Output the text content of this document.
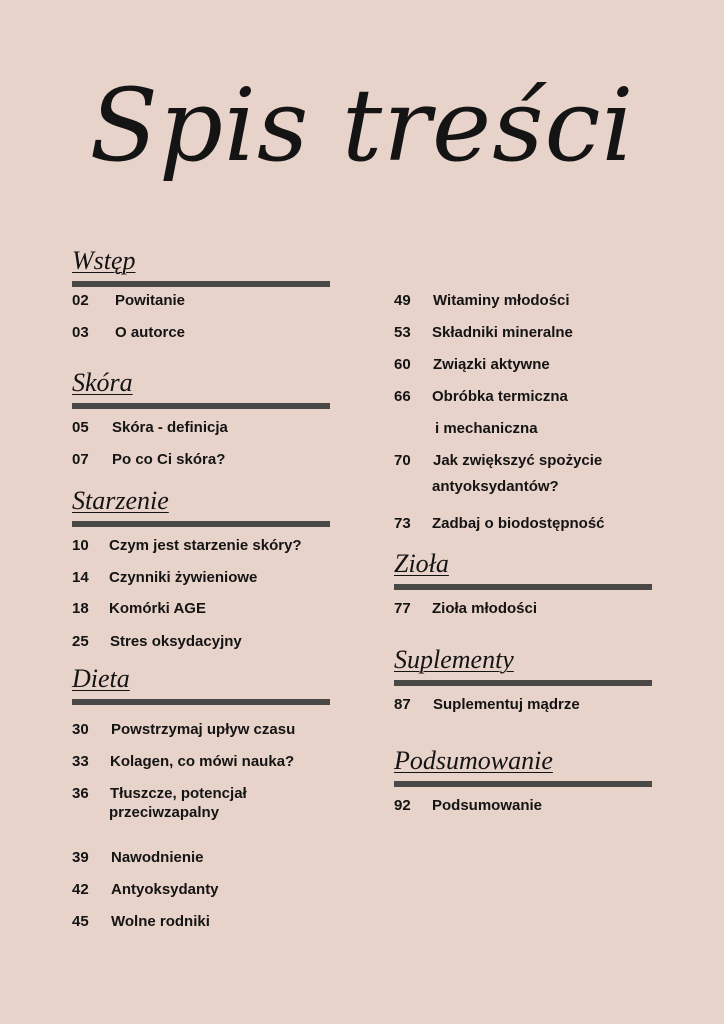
Spis treści
Wstęp
02 Powitanie
03 O autorce
Skóra
05 Skóra - definicja
07 Po co Ci skóra?
Starzenie
10 Czym jest starzenie skóry?
14 Czynniki żywieniowe
18 Komórki AGE
25 Stres oksydacyjny
Dieta
30 Powstrzymaj upływ czasu
33 Kolagen, co mówi nauka?
36 Tłuszcze, potencjał
przeciwzapalny
39 Nawodnienie
42 Antyoksydanty
45 Wolne rodniki
49 Witaminy młodości
53 Składniki mineralne
60 Związki aktywne
66 Obróbka termiczna
i mechaniczna
70 Jak zwiększyć spożycie
antyoksydantów?
73 Zadbaj o biodostępność
Zioła
77 Zioła młodości
Suplementy
87 Suplementuj mądrze
Podsumowanie
92 Podsumowanie
